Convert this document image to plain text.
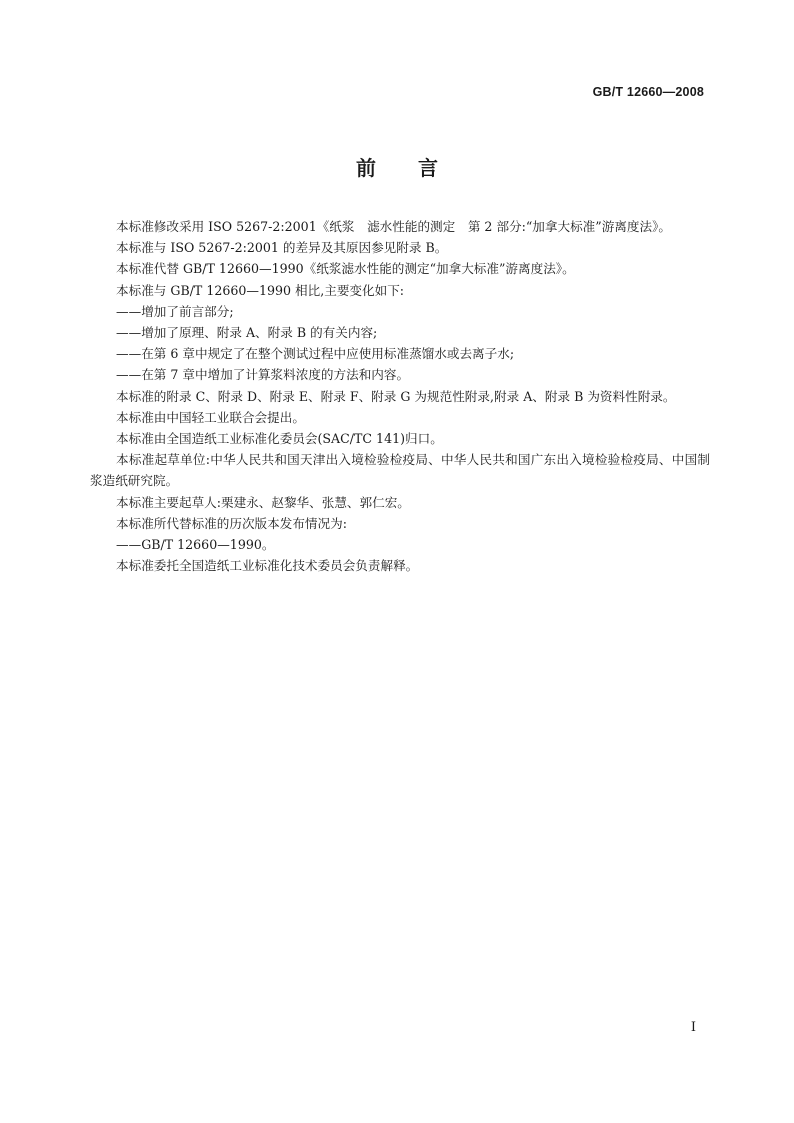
GB/T 12660—2008
前言

本标准修改采用 ISO 5267-2:2001《纸浆　滤水性能的测定　第 2 部分:“加拿大标准”游离度法》。

本标准与 ISO 5267-2:2001 的差异及其原因参见附录 B。

本标准代替 GB/T 12660—1990《纸浆滤水性能的测定“加拿大标准”游离度法》。

本标准与 GB/T 12660—1990 相比,主要变化如下:

——增加了前言部分;

——增加了原理、附录 A、附录 B 的有关内容;

——在第 6 章中规定了在整个测试过程中应使用标准蒸馏水或去离子水;

——在第 7 章中增加了计算浆料浓度的方法和内容。

本标准的附录 C、附录 D、附录 E、附录 F、附录 G 为规范性附录,附录 A、附录 B 为资料性附录。

本标准由中国轻工业联合会提出。

本标准由全国造纸工业标准化委员会(SAC/TC 141)归口。

本标准起草单位:中华人民共和国天津出入境检验检疫局、中华人民共和国广东出入境检验检疫局、中国制浆造纸研究院。

本标准主要起草人:栗建永、赵黎华、张慧、郭仁宏。

本标准所代替标准的历次版本发布情况为:

——GB/T 12660—1990。

本标准委托全国造纸工业标准化技术委员会负责解释。

I
